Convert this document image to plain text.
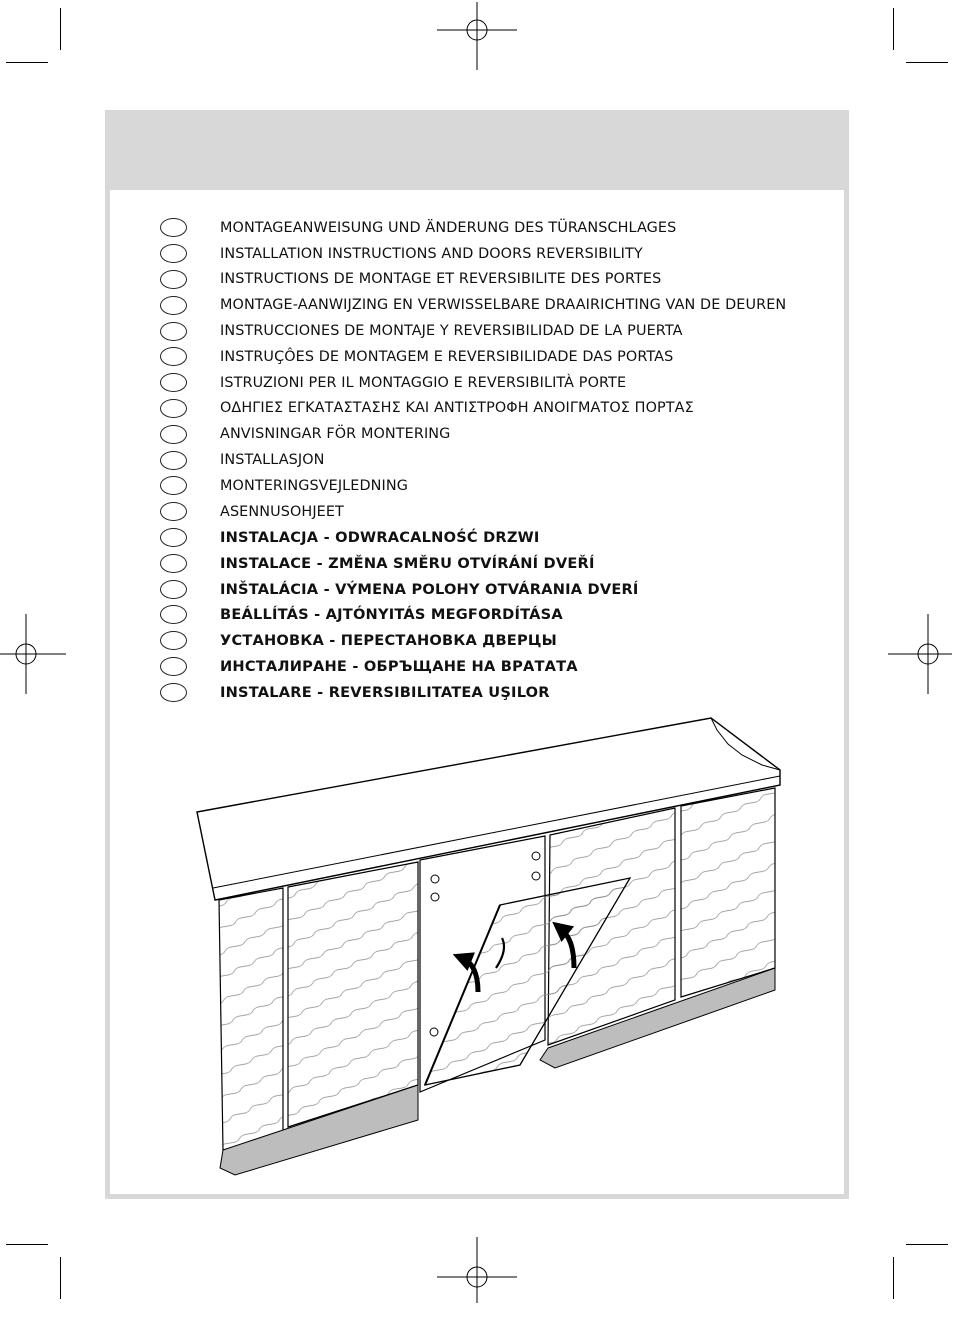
MONTAGEANWEISUNG UND ÄNDERUNG DES TÜRANSCHLAGES
INSTALLATION INSTRUCTIONS AND DOORS REVERSIBILITY
INSTRUCTIONS DE MONTAGE ET REVERSIBILITE DES PORTES
MONTAGE-AANWIJZING EN VERWISSELBARE DRAAIRICHTING VAN DE DEUREN
INSTRUCCIONES DE MONTAJE Y REVERSIBILIDAD DE LA PUERTA
INSTRUÇÔES DE MONTAGEM E REVERSIBILIDADE DAS PORTAS
ISTRUZIONI PER IL MONTAGGIO E REVERSIBILITÀ PORTE
ΟΔΗΓΙΕΣ ΕΓΚΑΤΑΣΤΑΣΗΣ ΚΑΙ ΑΝΤΙΣΤΡΟΦΗ ΑΝΟΙΓΜΑΤΟΣ ΠΟΡΤΑΣ
ANVISNINGAR FÖR MONTERING
INSTALLASJON
MONTERINGSVEJLEDNING
ASENNUSOHJEET
INSTALACJA - ODWRACALNOŚĆ DRZWI
INSTALACE - ZMĚNA SMĚRU OTVÍRÁNÍ DVEŘÍ
INŠTALÁCIA - VÝMENA POLOHY OTVÁRANIA DVERÍ
BEÁLLÍTÁS - AJTÓNYITÁS MEGFORDÍTÁSA
УСТАНОВКА - ПЕРЕСТАНОВКА ДВЕРЦЫ
ИНСТАЛИРАНЕ - ОБРЪЩАНЕ НА ВРАТАТА
INSTALARE - REVERSIBILITATEA UŞILOR
